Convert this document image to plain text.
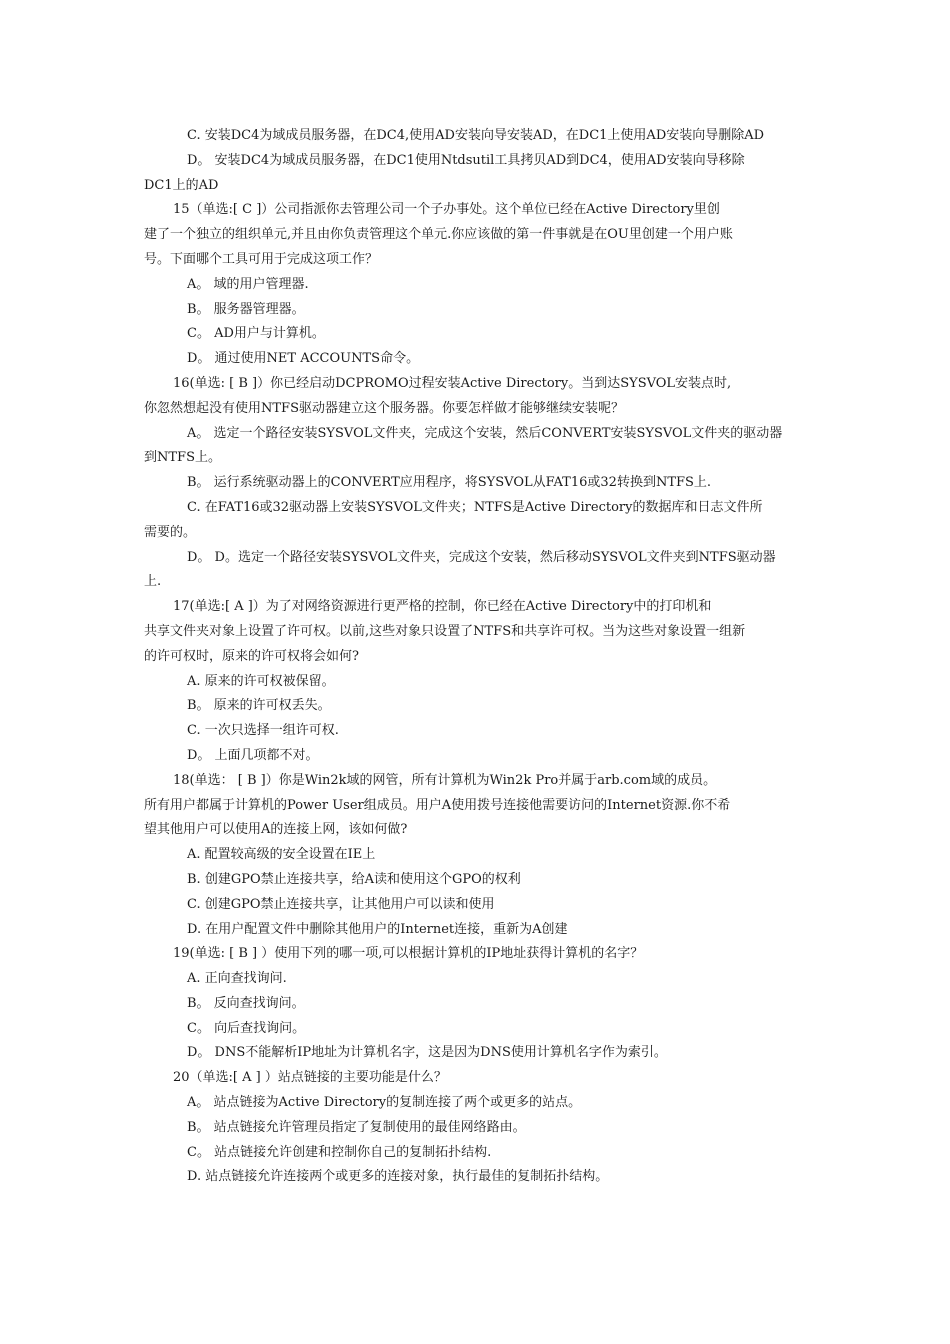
C. 安装DC4为域成员服务器，在DC4,使用AD安装向导安装AD，在DC1上使用AD安装向导删除AD

D。 安装DC4为域成员服务器，在DC1使用Ntdsutil工具拷贝AD到DC4，使用AD安装向导移除

DC1上的AD

15（单选:[ C ]）公司指派你去管理公司一个子办事处。这个单位已经在Active Directory里创

建了一个独立的组织单元,并且由你负责管理这个单元.你应该做的第一件事就是在OU里创建一个用户账

号。下面哪个工具可用于完成这项工作？

A。 域的用户管理器.

B。 服务器管理器。

C。 AD用户与计算机。

D。 通过使用NET ACCOUNTS命令。

16(单选: [ B ]）你已经启动DCPROMO过程安装Active Directory。当到达SYSVOL安装点时,

你忽然想起没有使用NTFS驱动器建立这个服务器。你要怎样做才能够继续安装呢？

A。 选定一个路径安装SYSVOL文件夹，完成这个安装，然后CONVERT安装SYSVOL文件夹的驱动器

到NTFS上。

B。 运行系统驱动器上的CONVERT应用程序，将SYSVOL从FAT16或32转换到NTFS上.

C. 在FAT16或32驱动器上安装SYSVOL文件夹；NTFS是Active Directory的数据库和日志文件所

需要的。

D。 D。选定一个路径安装SYSVOL文件夹，完成这个安装，然后移动SYSVOL文件夹到NTFS驱动器

上.

17(单选:[ A ]）为了对网络资源进行更严格的控制，你已经在Active Directory中的打印机和

共享文件夹对象上设置了许可权。以前,这些对象只设置了NTFS和共享许可权。当为这些对象设置一组新

的许可权时，原来的许可权将会如何?

A. 原来的许可权被保留。

B。 原来的许可权丢失。

C. 一次只选择一组许可权.

D。 上面几项都不对。

18(单选： [ B ]）你是Win2k域的网管，所有计算机为Win2k Pro并属于arb.com域的成员。

所有用户都属于计算机的Power User组成员。用户A使用拨号连接他需要访问的Internet资源.你不希

望其他用户可以使用A的连接上网，该如何做?

A. 配置较高级的安全设置在IE上

B. 创建GPO禁止连接共享，给A读和使用这个GPO的权利

C. 创建GPO禁止连接共享，让其他用户可以读和使用

D. 在用户配置文件中删除其他用户的Internet连接，重新为A创建

19(单选: [ B ] ）使用下列的哪一项,可以根据计算机的IP地址获得计算机的名字？

A. 正向查找询问.

B。 反向查找询问。

C。 向后查找询问。

D。 DNS不能解析IP地址为计算机名字，这是因为DNS使用计算机名字作为索引。

20（单选:[ A ] ）站点链接的主要功能是什么？

A。 站点链接为Active Directory的复制连接了两个或更多的站点。

B。 站点链接允许管理员指定了复制使用的最佳网络路由。

C。 站点链接允许创建和控制你自己的复制拓扑结构.

D. 站点链接允许连接两个或更多的连接对象，执行最佳的复制拓扑结构。
